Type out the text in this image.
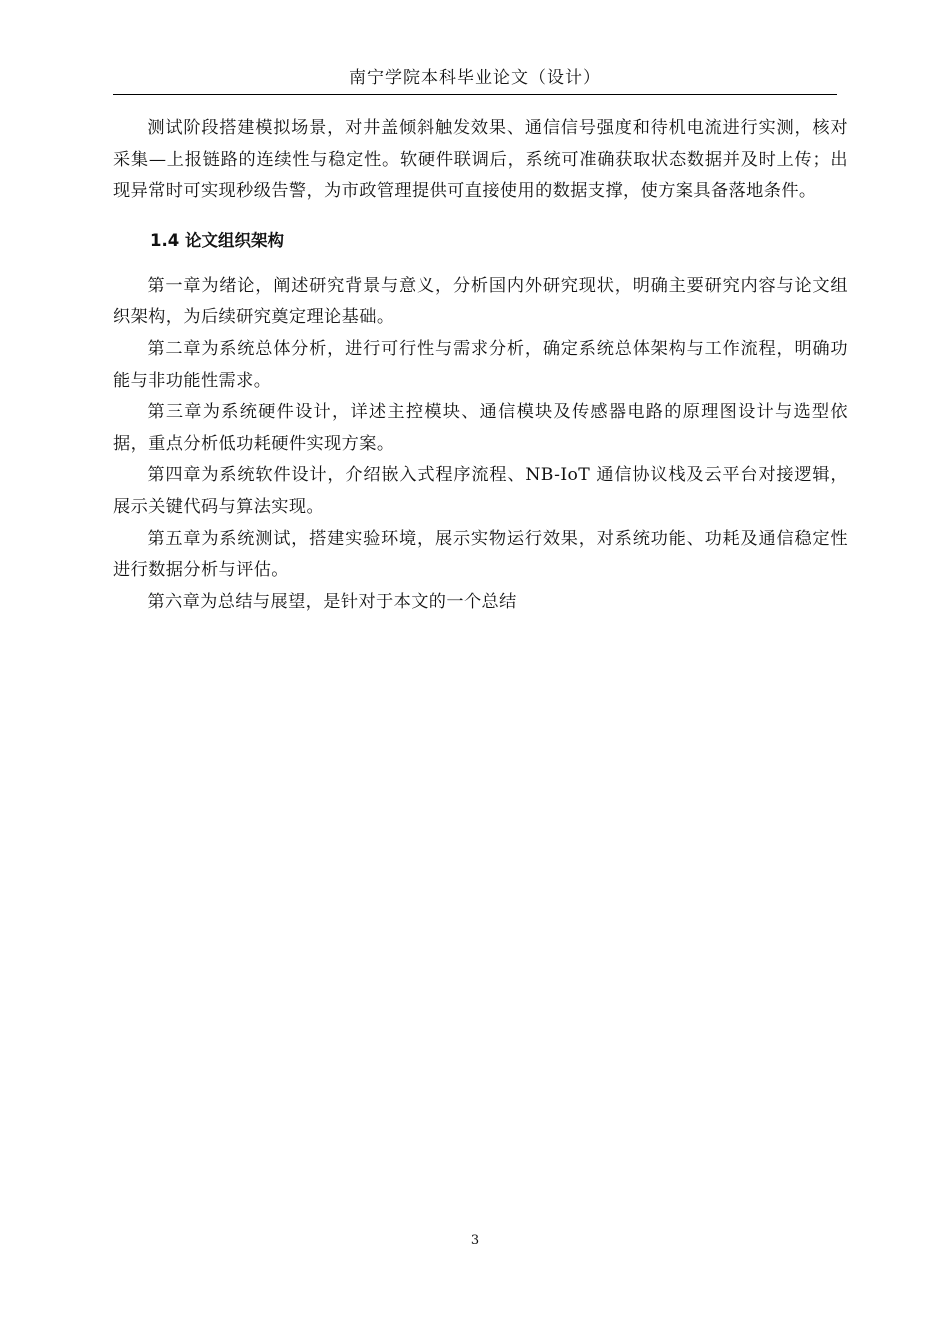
南宁学院本科毕业论文（设计）

测试阶段搭建模拟场景，对井盖倾斜触发效果、通信信号强度和待机电流进行实测，核对采集—上报链路的连续性与稳定性。软硬件联调后，系统可准确获取状态数据并及时上传；出现异常时可实现秒级告警，为市政管理提供可直接使用的数据支撑，使方案具备落地条件。

1.4 论文组织架构

第一章为绪论，阐述研究背景与意义，分析国内外研究现状，明确主要研究内容与论文组织架构，为后续研究奠定理论基础。

第二章为系统总体分析，进行可行性与需求分析，确定系统总体架构与工作流程，明确功能与非功能性需求。

第三章为系统硬件设计，详述主控模块、通信模块及传感器电路的原理图设计与选型依据，重点分析低功耗硬件实现方案。

第四章为系统软件设计，介绍嵌入式程序流程、NB-IoT 通信协议栈及云平台对接逻辑，展示关键代码与算法实现。

第五章为系统测试，搭建实验环境，展示实物运行效果，对系统功能、功耗及通信稳定性进行数据分析与评估。

第六章为总结与展望，是针对于本文的一个总结

3
